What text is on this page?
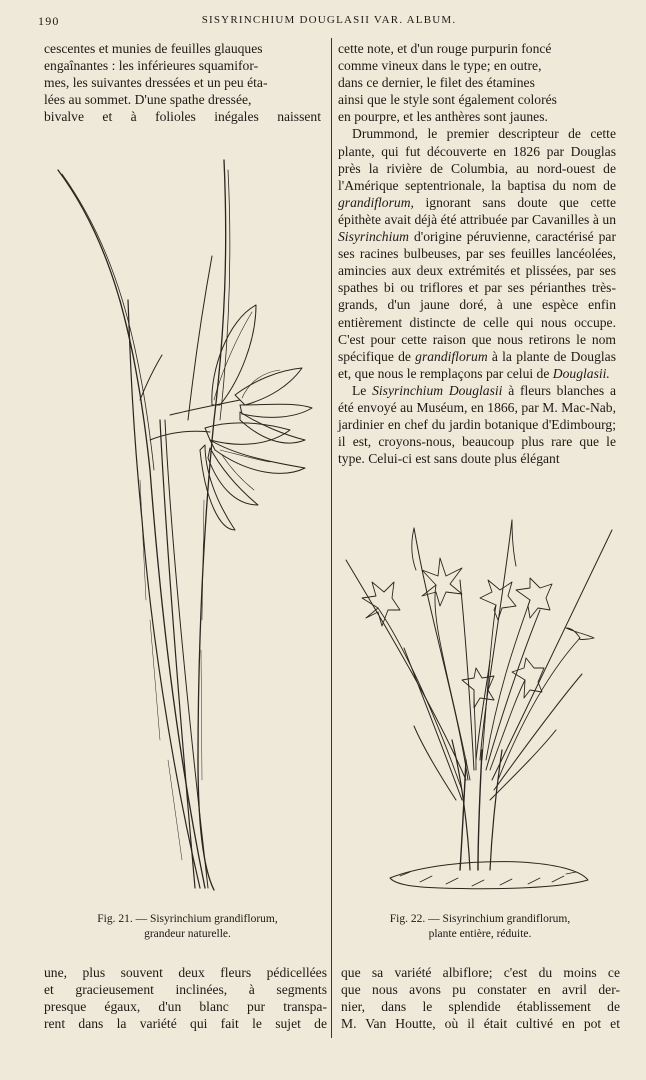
190	SISYRINCHIUM DOUGLASII VAR. ALBUM.

cescentes et munies de feuilles glauques

engaînantes : les inférieures squamifor-

mes, les suivantes dressées et un peu éta-

lées au sommet. D'une spathe dressée,

bivalve et à folioles inégales naissent

cette note, et d'un rouge purpurin foncé

comme vineux dans le type; en outre,

dans ce dernier, le filet des étamines

ainsi que le style sont également colorés

en pourpre, et les anthères sont jaunes.

Drummond, le premier descripteur de cette plante, qui fut découverte en 1826 par Douglas près la rivière de Columbia, au nord-ouest de l'Amérique septentrionale, la baptisa du nom de grandiflorum, ignorant sans doute que cette épithète avait déjà été attribuée par Cavanilles à un Sisyrinchium d'origine péruvienne, caractérisé par ses racines bulbeuses, par ses feuilles lancéolées, amincies aux deux extrémités et plissées, par ses spathes bi ou triflores et par ses périanthes très-grands, d'un jaune doré, à une espèce enfin entièrement distincte de celle qui nous occupe. C'est pour cette raison que nous retirons le nom spécifique de grandiflorum à la plante de Douglas et, que nous le remplaçons par celui de Douglasii.

Le Sisyrinchium Douglasii à fleurs blanches a été envoyé au Muséum, en 1866, par M. Mac-Nab, jardinier en chef du jardin botanique d'Edimbourg; il est, croyons-nous, beaucoup plus rare que le type. Celui-ci est sans doute plus élégant

Fig. 21. — Sisyrinchium grandiflorum,
grandeur naturelle.
Fig. 22. — Sisyrinchium grandiflorum,
plante entière, réduite.

une, plus souvent deux fleurs pédicellées

et gracieusement inclinées, à segments

presque égaux, d'un blanc pur transpa-

rent dans la variété qui fait le sujet de

que sa variété albiflore; c'est du moins ce

que nous avons pu constater en avril der-

nier, dans le splendide établissement de

M. Van Houtte, où il était cultivé en pot et
